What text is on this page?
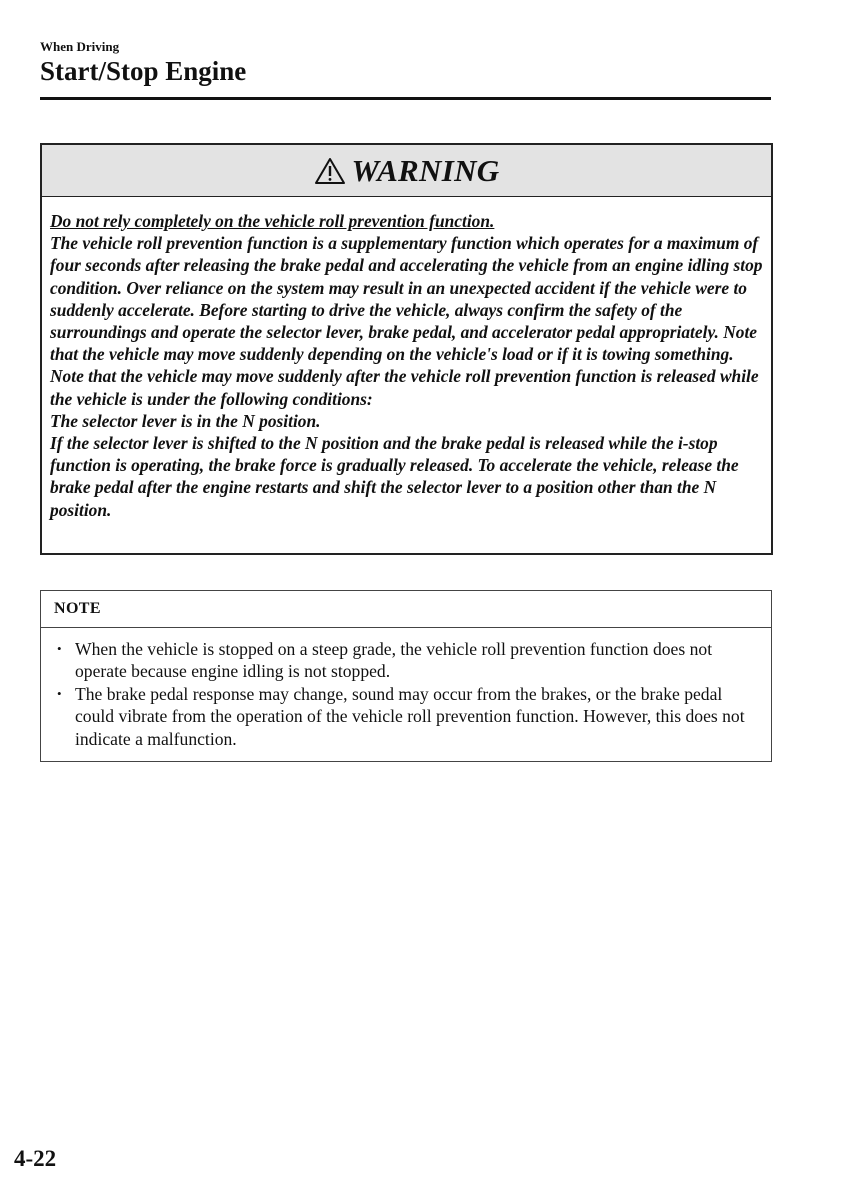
When Driving
Start/Stop Engine
WARNING

Do not rely completely on the vehicle roll prevention function.

The vehicle roll prevention function is a supplementary function which operates for a maximum of four seconds after releasing the brake pedal and accelerating the vehicle from an engine idling stop condition. Over reliance on the system may result in an unexpected accident if the vehicle were to suddenly accelerate. Before starting to drive the vehicle, always confirm the safety of the surroundings and operate the selector lever, brake pedal, and accelerator pedal appropriately. Note that the vehicle may move suddenly depending on the vehicle's load or if it is towing something.

Note that the vehicle may move suddenly after the vehicle roll prevention function is released while the vehicle is under the following conditions:

The selector lever is in the N position.

If the selector lever is shifted to the N position and the brake pedal is released while the i-stop function is operating, the brake force is gradually released. To accelerate the vehicle, release the brake pedal after the engine restarts and shift the selector lever to a position other than the N position.

NOTE
• When the vehicle is stopped on a steep grade, the vehicle roll prevention function does not operate because engine idling is not stopped.
• The brake pedal response may change, sound may occur from the brakes, or the brake pedal could vibrate from the operation of the vehicle roll prevention function. However, this does not indicate a malfunction.
4-22
